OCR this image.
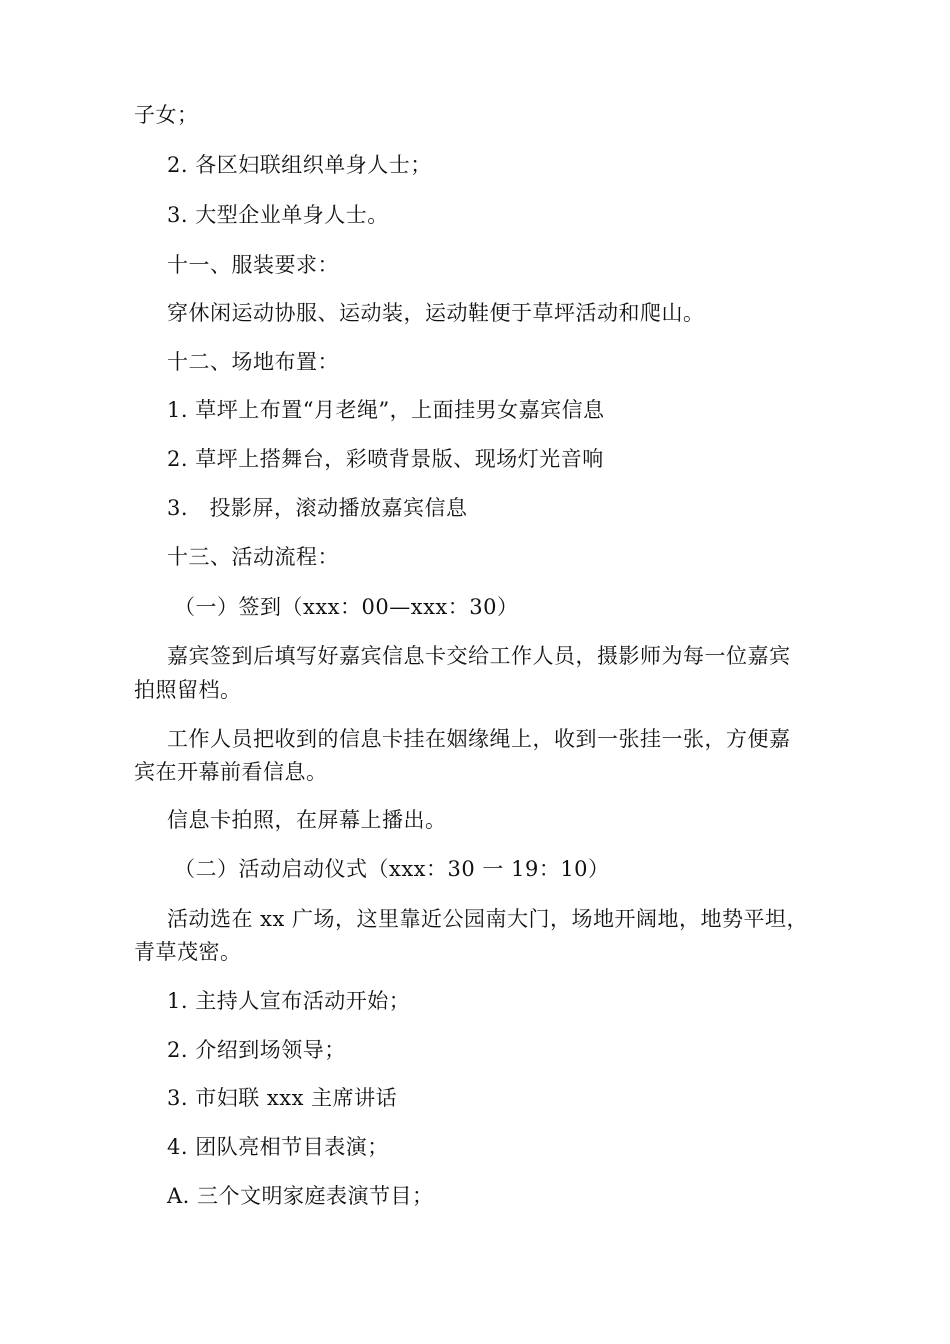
子女；
2. 各区妇联组织单身人士；
3. 大型企业单身人士。
十一、服装要求：
穿休闲运动协服、运动装，运动鞋便于草坪活动和爬山。
十二、场地布置：
1. 草坪上布置“月老绳”，上面挂男女嘉宾信息
2. 草坪上搭舞台，彩喷背景版、现场灯光音响
3.　投影屏，滚动播放嘉宾信息
十三、活动流程：
（一）签到（xxx：00—xxx：30）
嘉宾签到后填写好嘉宾信息卡交给工作人员，摄影师为每一位嘉宾
拍照留档。
工作人员把收到的信息卡挂在姻缘绳上，收到一张挂一张，方便嘉
宾在开幕前看信息。
信息卡拍照，在屏幕上播出。
（二）活动启动仪式（xxx：30 一 19：10）
活动选在 xx 广场，这里靠近公园南大门，场地开阔地，地势平坦，
青草茂密。
1. 主持人宣布活动开始；
2. 介绍到场领导；
3. 市妇联 xxx 主席讲话
4. 团队亮相节目表演；
A. 三个文明家庭表演节目；
